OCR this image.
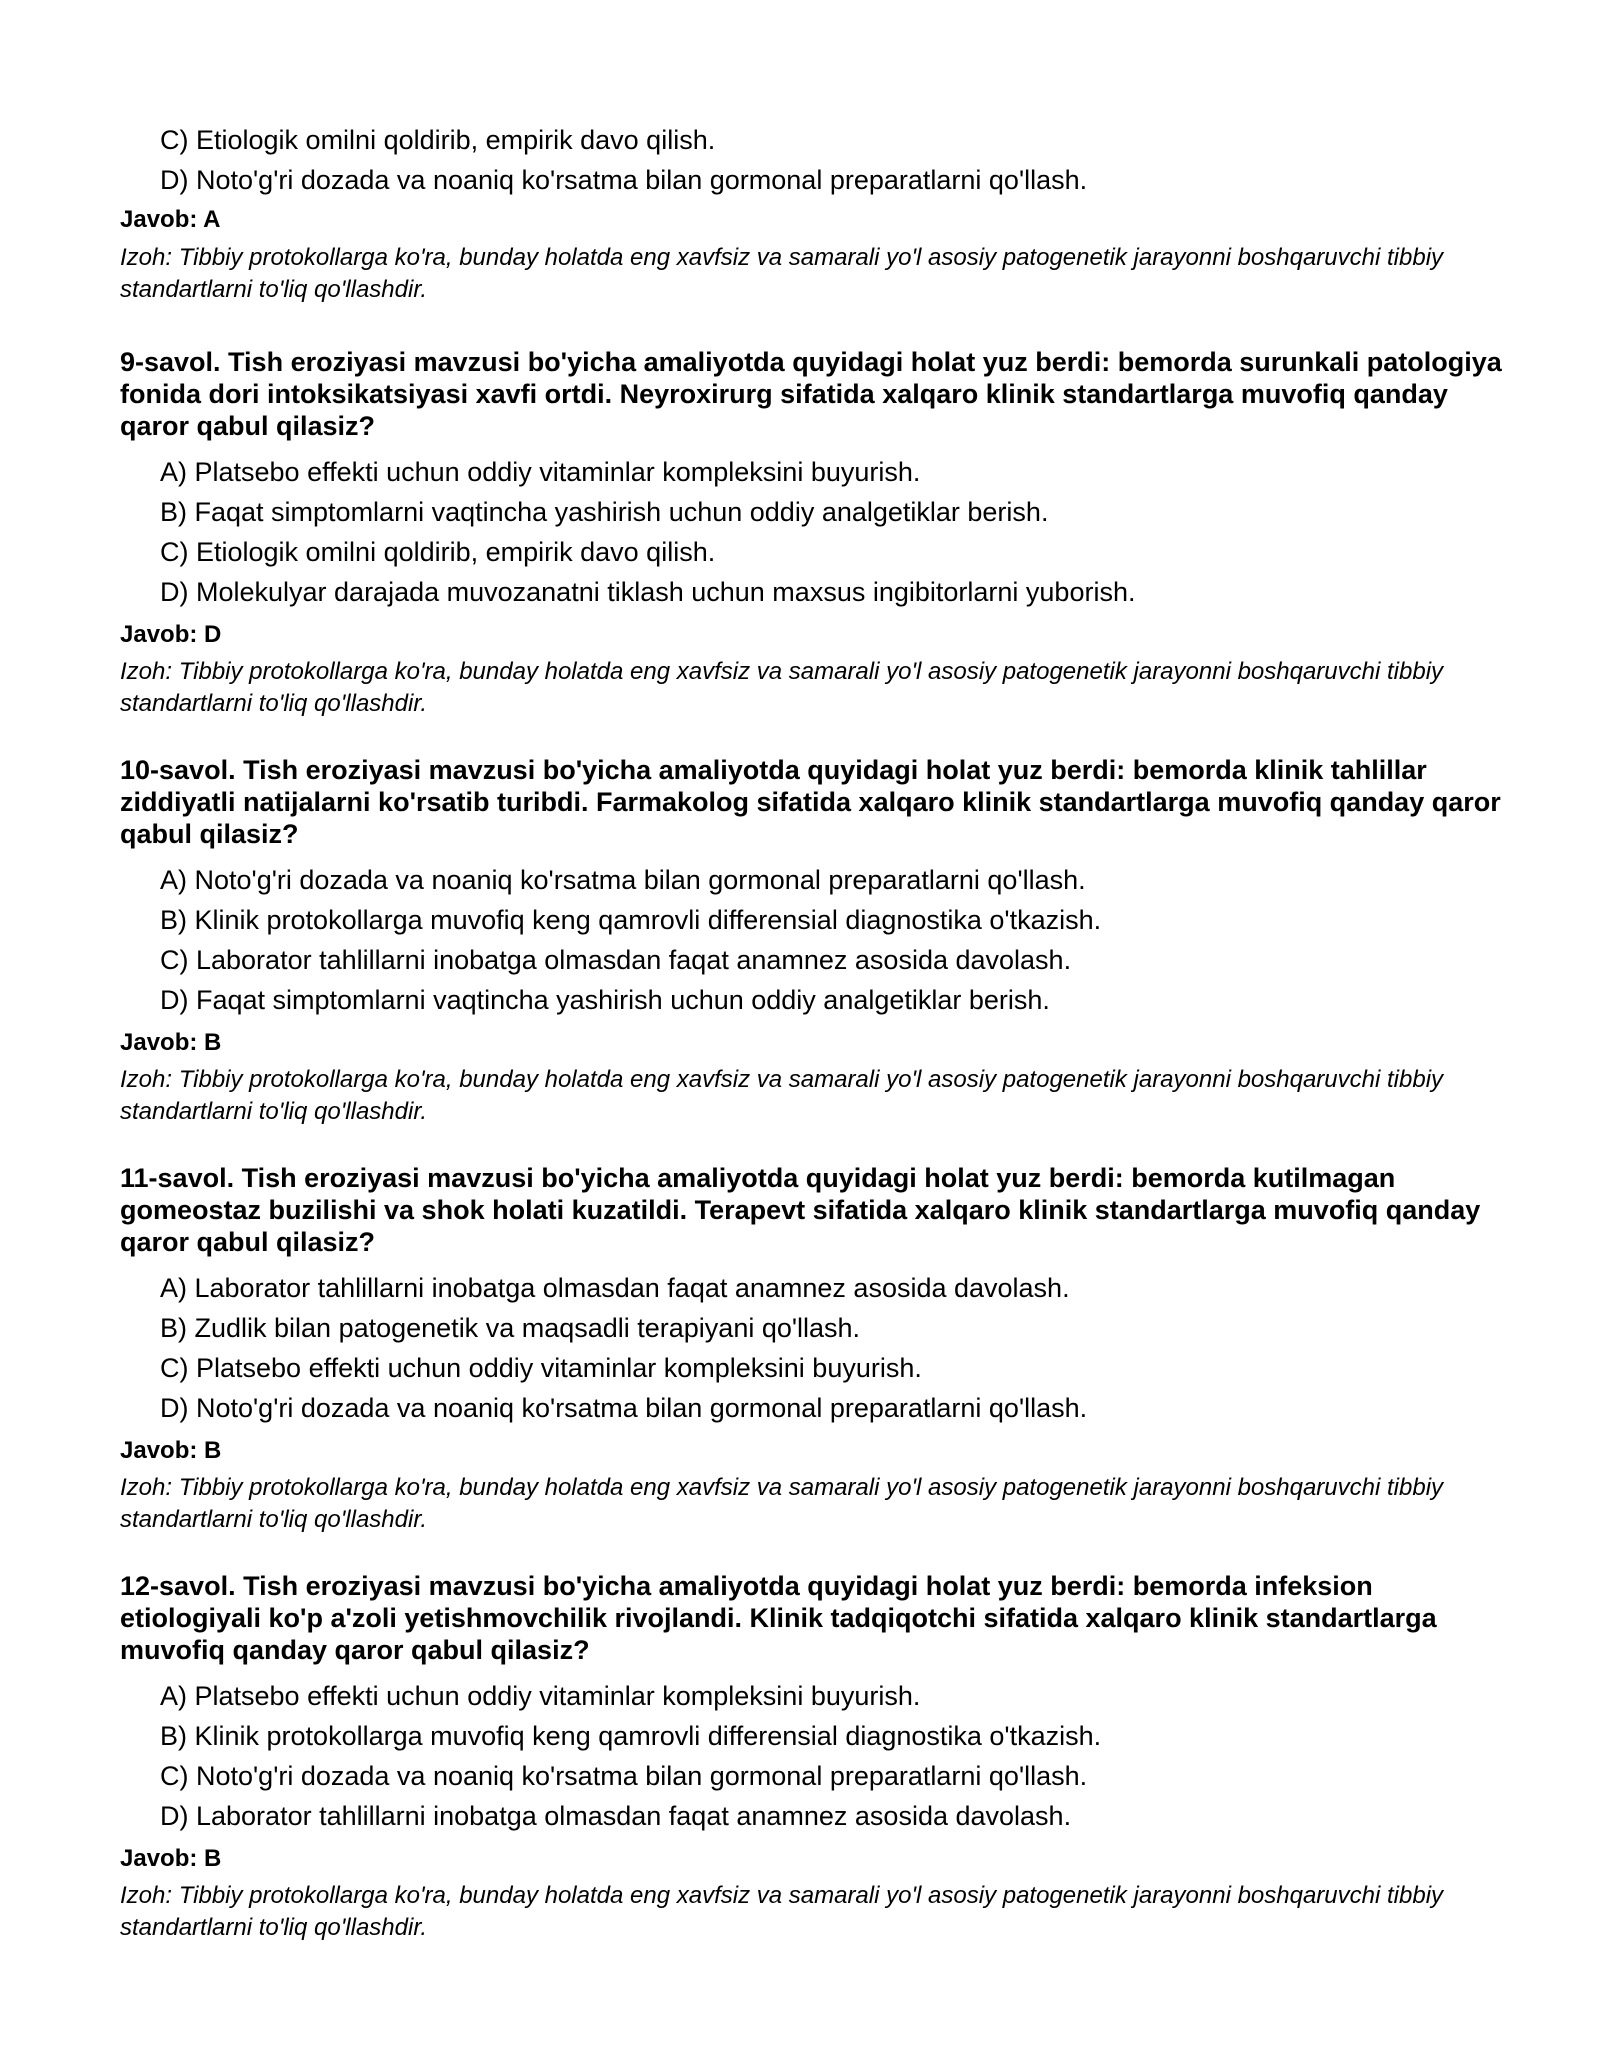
C) Etiologik omilni qoldirib, empirik davo qilish.
D) Noto'g'ri dozada va noaniq ko'rsatma bilan gormonal preparatlarni qo'llash.
Javob: A
Izoh: Tibbiy protokollarga ko'ra, bunday holatda eng xavfsiz va samarali yo'l asosiy patogenetik jarayonni boshqaruvchi tibbiy standartlarni to'liq qo'llashdir.

9-savol. Tish eroziyasi mavzusi bo'yicha amaliyotda quyidagi holat yuz berdi: bemorda surunkali patologiya fonida dori intoksikatsiyasi xavfi ortdi. Neyroxirurg sifatida xalqaro klinik standartlarga muvofiq qanday qaror qabul qilasiz?

A) Platsebo effekti uchun oddiy vitaminlar kompleksini buyurish.
B) Faqat simptomlarni vaqtincha yashirish uchun oddiy analgetiklar berish.
C) Etiologik omilni qoldirib, empirik davo qilish.
D) Molekulyar darajada muvozanatni tiklash uchun maxsus ingibitorlarni yuborish.
Javob: D
Izoh: Tibbiy protokollarga ko'ra, bunday holatda eng xavfsiz va samarali yo'l asosiy patogenetik jarayonni boshqaruvchi tibbiy standartlarni to'liq qo'llashdir.

10-savol. Tish eroziyasi mavzusi bo'yicha amaliyotda quyidagi holat yuz berdi: bemorda klinik tahlillar ziddiyatli natijalarni ko'rsatib turibdi. Farmakolog sifatida xalqaro klinik standartlarga muvofiq qanday qaror qabul qilasiz?

A) Noto'g'ri dozada va noaniq ko'rsatma bilan gormonal preparatlarni qo'llash.
B) Klinik protokollarga muvofiq keng qamrovli differensial diagnostika o'tkazish.
C) Laborator tahlillarni inobatga olmasdan faqat anamnez asosida davolash.
D) Faqat simptomlarni vaqtincha yashirish uchun oddiy analgetiklar berish.
Javob: B
Izoh: Tibbiy protokollarga ko'ra, bunday holatda eng xavfsiz va samarali yo'l asosiy patogenetik jarayonni boshqaruvchi tibbiy standartlarni to'liq qo'llashdir.

11-savol. Tish eroziyasi mavzusi bo'yicha amaliyotda quyidagi holat yuz berdi: bemorda kutilmagan gomeostaz buzilishi va shok holati kuzatildi. Terapevt sifatida xalqaro klinik standartlarga muvofiq qanday qaror qabul qilasiz?

A) Laborator tahlillarni inobatga olmasdan faqat anamnez asosida davolash.
B) Zudlik bilan patogenetik va maqsadli terapiyani qo'llash.
C) Platsebo effekti uchun oddiy vitaminlar kompleksini buyurish.
D) Noto'g'ri dozada va noaniq ko'rsatma bilan gormonal preparatlarni qo'llash.
Javob: B
Izoh: Tibbiy protokollarga ko'ra, bunday holatda eng xavfsiz va samarali yo'l asosiy patogenetik jarayonni boshqaruvchi tibbiy standartlarni to'liq qo'llashdir.

12-savol. Tish eroziyasi mavzusi bo'yicha amaliyotda quyidagi holat yuz berdi: bemorda infeksion etiologiyali ko'p a'zoli yetishmovchilik rivojlandi. Klinik tadqiqotchi sifatida xalqaro klinik standartlarga muvofiq qanday qaror qabul qilasiz?

A) Platsebo effekti uchun oddiy vitaminlar kompleksini buyurish.
B) Klinik protokollarga muvofiq keng qamrovli differensial diagnostika o'tkazish.
C) Noto'g'ri dozada va noaniq ko'rsatma bilan gormonal preparatlarni qo'llash.
D) Laborator tahlillarni inobatga olmasdan faqat anamnez asosida davolash.
Javob: B
Izoh: Tibbiy protokollarga ko'ra, bunday holatda eng xavfsiz va samarali yo'l asosiy patogenetik jarayonni boshqaruvchi tibbiy standartlarni to'liq qo'llashdir.
